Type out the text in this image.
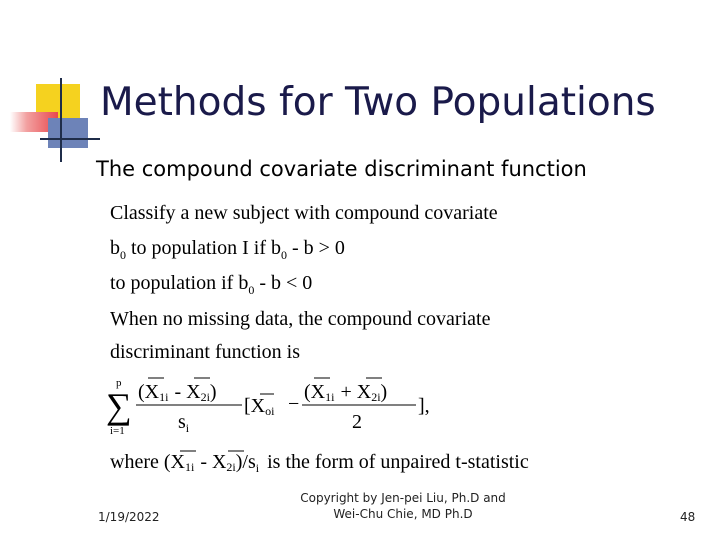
Methods for Two Populations
The compound covariate discriminant function
Classify a new subject with compound covariate
$b_0$ to population I if $b_0 - b > 0$
to population if $b_0 - b < 0$
When no missing data, the compound covariate
discriminant function is
p
∑
i=1
(X1i - X2i)
$s_i$
[Xoi −
(X1i + X2i)
2
],
where $(X1i - X2i)/s_i$ is the form of unpaired t-statistic
1/19/2022
Copyright by Jen-pei Liu, Ph.D and
Wei-Chu Chie, MD Ph.D	48
